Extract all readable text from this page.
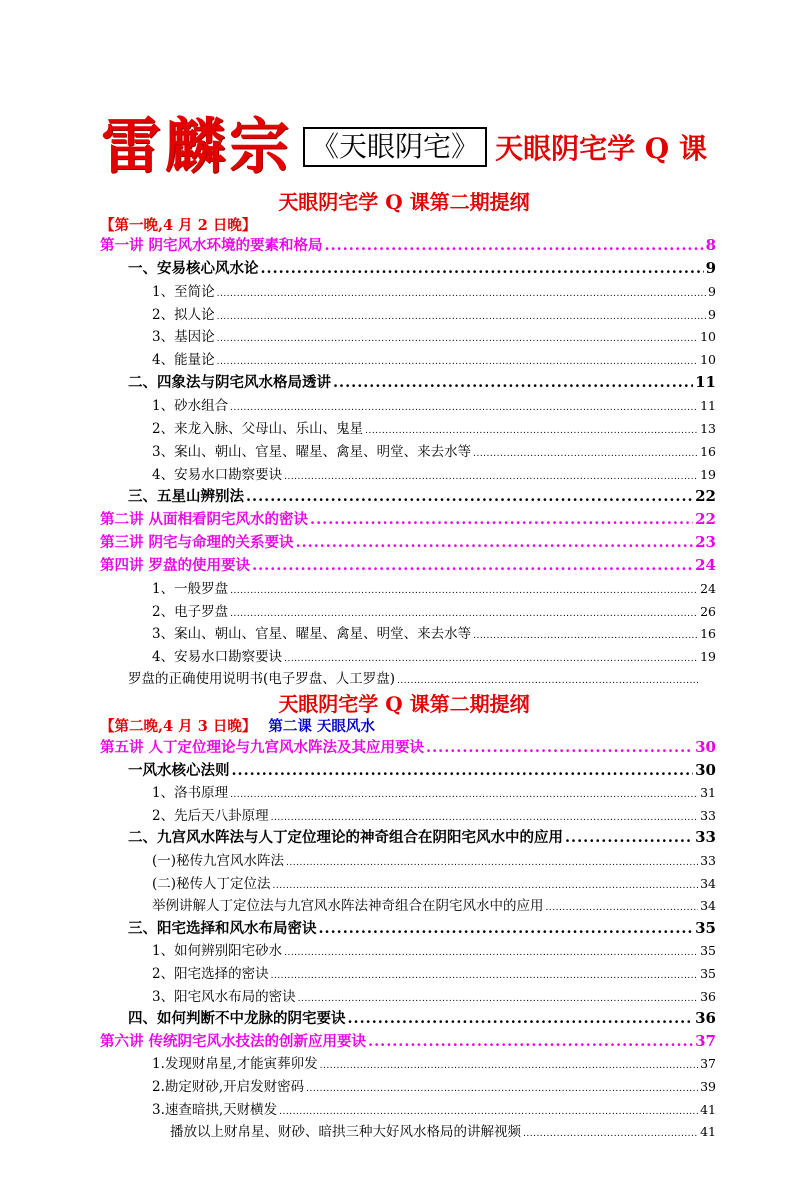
雷麟宗 《天眼阴宅》 天眼阴宅学 Q 课
天眼阴宅学 Q 课第二期提纲
【第一晚,4 月 2 日晚】
第一讲 阴宅风水环境的要素和格局 .....	8
一、安易核心风水论 .....	9
1、至简论 .....	9
2、拟人论 .....	9
3、基因论 .....	10
4、能量论 .....	10
二、四象法与阴宅风水格局透讲 .....	11
1、砂水组合 .....	11
2、来龙入脉、父母山、乐山、鬼星 .....	13
3、案山、朝山、官星、曜星、禽星、明堂、来去水等 .....	16
4、安易水口勘察要诀 .....	19
三、五星山辨别法 .....	22
第二讲 从面相看阴宅风水的密诀 .....	22
第三讲 阴宅与命理的关系要诀 .....	23
第四讲 罗盘的使用要诀 .....	24
1、一般罗盘 .....	24
2、电子罗盘 .....	26
3、案山、朝山、官星、曜星、禽星、明堂、来去水等 .....	16
4、安易水口勘察要诀 .....	19
罗盘的正确使用说明书(电子罗盘、人工罗盘)
.....
天眼阴宅学 Q 课第二期提纲
【第二晚,4 月 3 日晚】 第二课 天眼风水
第五讲 人丁定位理论与九宫风水阵法及其应用要诀 .....	30
一风水核心法则 .....	30
1、洛书原理 .....	31
2、先后天八卦原理 .....	33
二、九宫风水阵法与人丁定位理论的神奇组合在阴阳宅风水中的应用 .....	33
(一)秘传九宫风水阵法 .....	33
(二)秘传人丁定位法 .....	34
举例讲解人丁定位法与九宫风水阵法神奇组合在阴宅风水中的应用 .....	34
三、阳宅选择和风水布局密诀 .....	35
1、如何辨别阳宅砂水 .....	35
2、阳宅选择的密诀 .....	35
3、阳宅风水布局的密诀 .....	36
四、如何判断不中龙脉的阴宅要诀 .....	36
第六讲 传统阴宅风水技法的创新应用要诀 .....	37
1.发现财帛星,才能寅葬卯发 .....	37
2.勘定财砂,开启发财密码 .....	39
3.速查暗拱,天财横发 .....	41
播放以上财帛星、财砂、暗拱三种大好风水格局的讲解视频 .....	41
